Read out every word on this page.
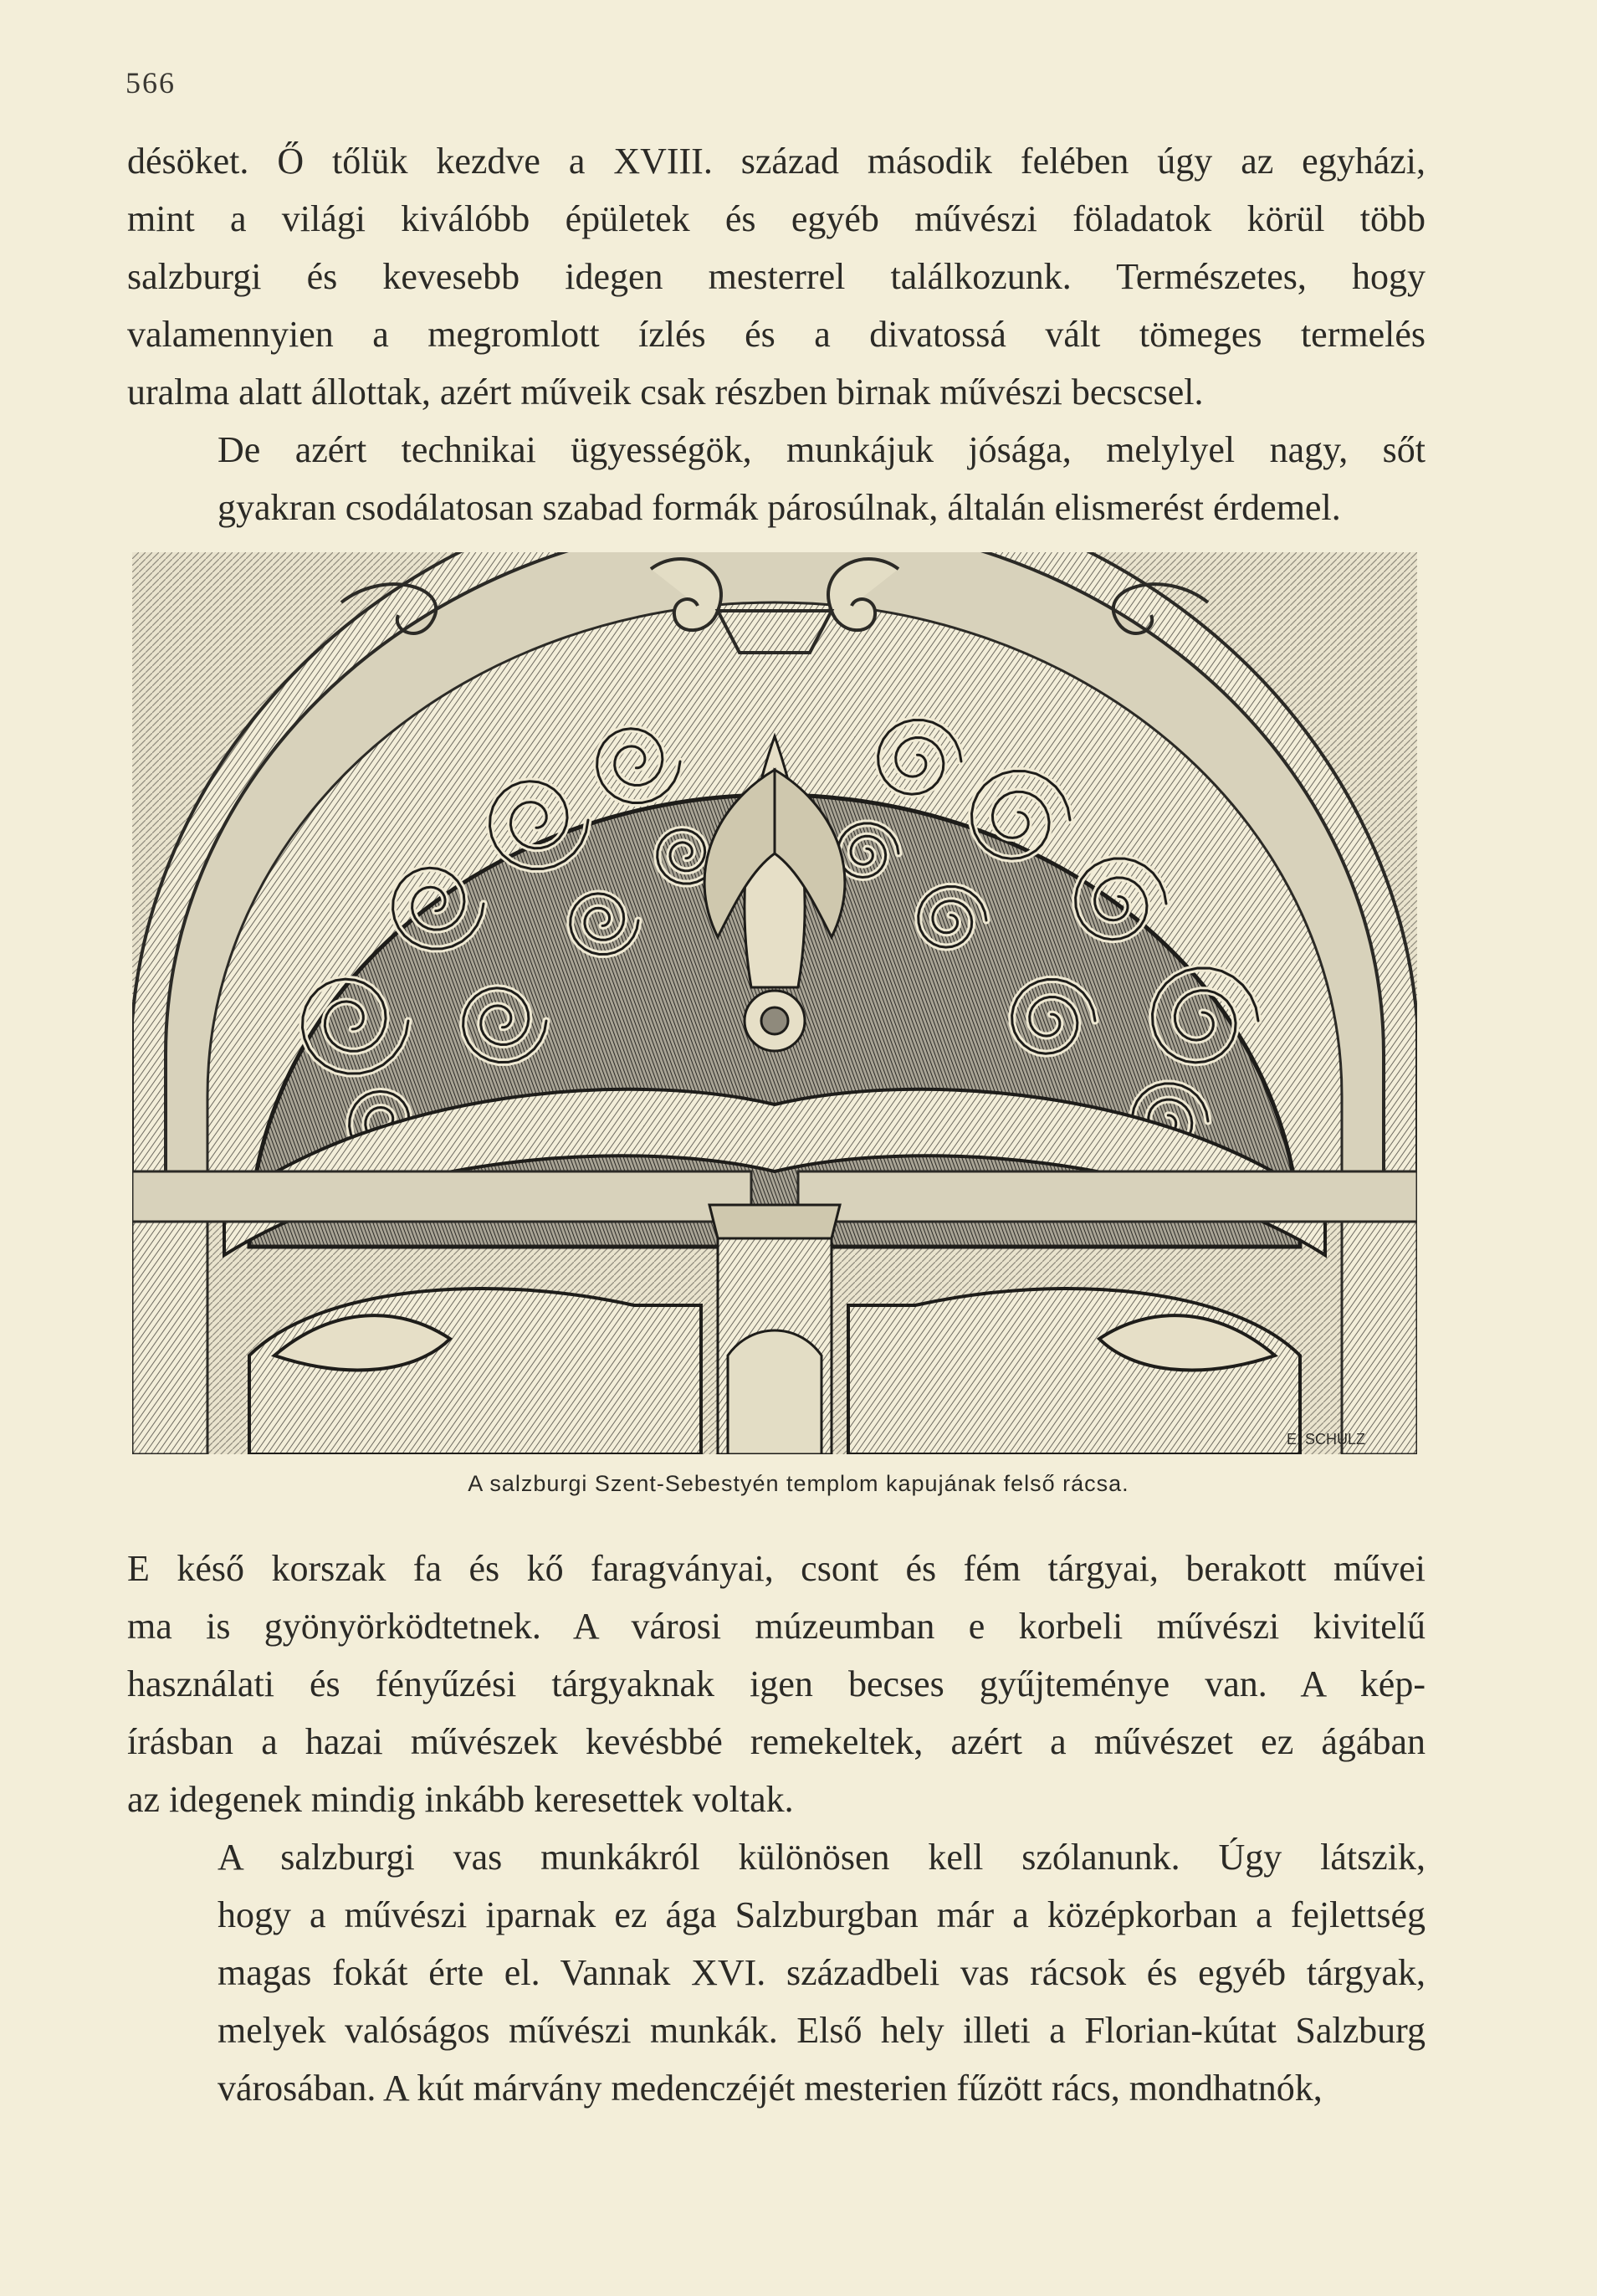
566

désöket. Ő tőlük kezdve a XVIII. század második felében úgy az egyházi,
mint a világi kiválóbb épületek és egyéb művészi föladatok körül több
salzburgi és kevesebb idegen mesterrel találkozunk. Természetes, hogy
valamennyien a megromlott ízlés és a divatossá vált tömeges termelés
uralma alatt állottak, azért műveik csak részben birnak művészi becscsel.

De azért technikai ügyességök, munkájuk jósága, melylyel nagy, sőt
gyakran csodálatosan szabad formák párosúlnak, általán elismerést érdemel.

E. SCHULZ
A salzburgi Szent-Sebestyén templom kapujának felső rácsa.

E késő korszak fa és kő faragványai, csont és fém tárgyai, berakott művei
ma is gyönyörködtetnek. A városi múzeumban e korbeli művészi kivitelű
használati és fényűzési tárgyaknak igen becses gyűjteménye van. A kép-
írásban a hazai művészek kevésbbé remekeltek, azért a művészet ez ágában
az idegenek mindig inkább keresettek voltak.

A salzburgi vas munkákról különösen kell szólanunk. Úgy látszik,
hogy a művészi iparnak ez ága Salzburgban már a középkorban a fejlettség
magas fokát érte el. Vannak XVI. századbeli vas rácsok és egyéb tárgyak,
melyek valóságos művészi munkák. Első hely illeti a Florian-kútat Salzburg
városában. A kút márvány medenczéjét mesterien fűzött rács, mondhatnók,
